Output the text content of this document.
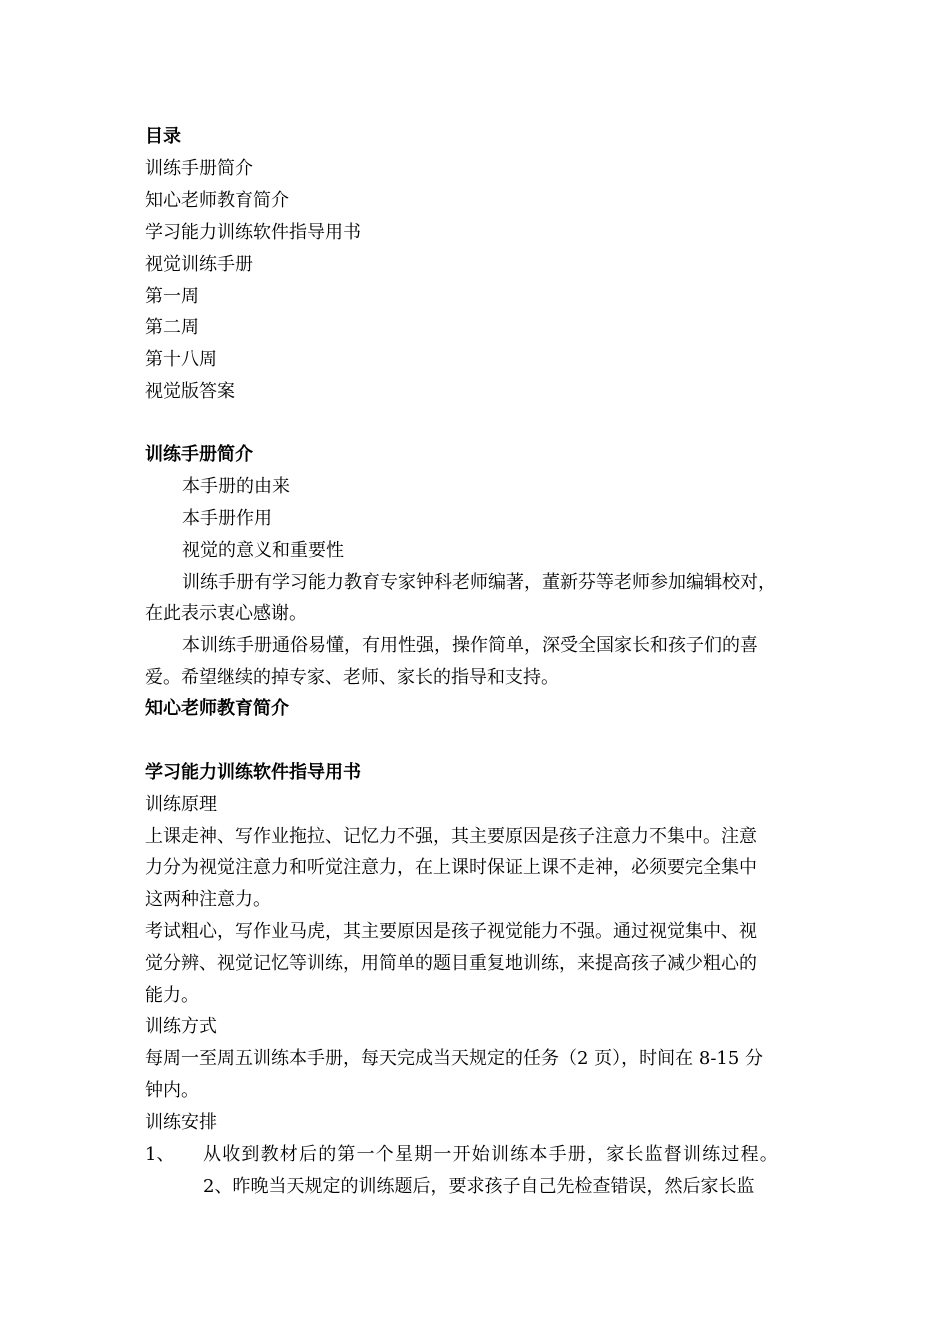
目录

训练手册简介

知心老师教育简介

学习能力训练软件指导用书

视觉训练手册

第一周

第二周

第十八周

视觉版答案

训练手册简介

本手册的由来

本手册作用

视觉的意义和重要性

训练手册有学习能力教育专家钟科老师编著，董新芬等老师参加编辑校对，

在此表示衷心感谢。

本训练手册通俗易懂，有用性强，操作简单，深受全国家长和孩子们的喜

爱。希望继续的掉专家、老师、家长的指导和支持。

知心老师教育简介

学习能力训练软件指导用书

训练原理

上课走神、写作业拖拉、记忆力不强，其主要原因是孩子注意力不集中。注意

力分为视觉注意力和听觉注意力，在上课时保证上课不走神，必须要完全集中

这两种注意力。

考试粗心，写作业马虎，其主要原因是孩子视觉能力不强。通过视觉集中、视

觉分辨、视觉记忆等训练，用简单的题目重复地训练，来提高孩子减少粗心的

能力。

训练方式

每周一至周五训练本手册，每天完成当天规定的任务（2 页），时间在 8-15 分

钟内。

训练安排

1、 从收到教材后的第一个星期一开始训练本手册，家长监督训练过程。

2、昨晚当天规定的训练题后，要求孩子自己先检查错误，然后家长监
